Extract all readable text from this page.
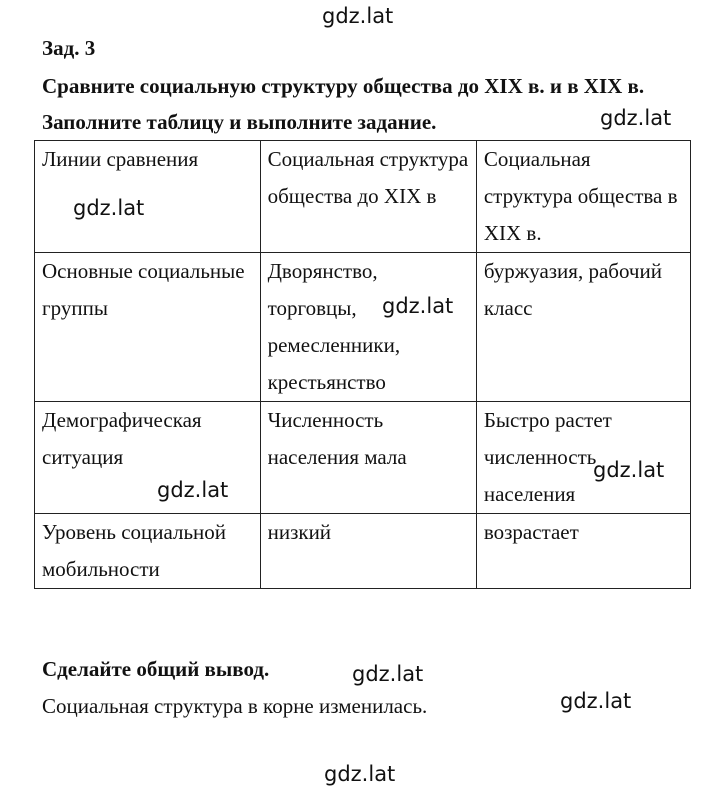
Зад. 3
Сравните социальную структуру общества до XIX в. и в XIX в. Заполните таблицу и выполните задание.
Линии сравнения	Социальная структура общества до XIX в	Социальная структура общества в XIX в.
Основные социальные группы	Дворянство, торговцы, ремесленники, крестьянство	буржуазия, рабочий класс
Демографическая ситуация	Численность населения мала	Быстро растет численность населения
Уровень социальной мобильности	низкий	возрастает
Сделайте общий вывод.
Социальная структура в корне изменилась.
gdz.lat
gdz.lat
gdz.lat
gdz.lat
gdz.lat
gdz.lat
gdz.lat
gdz.lat
gdz.lat
